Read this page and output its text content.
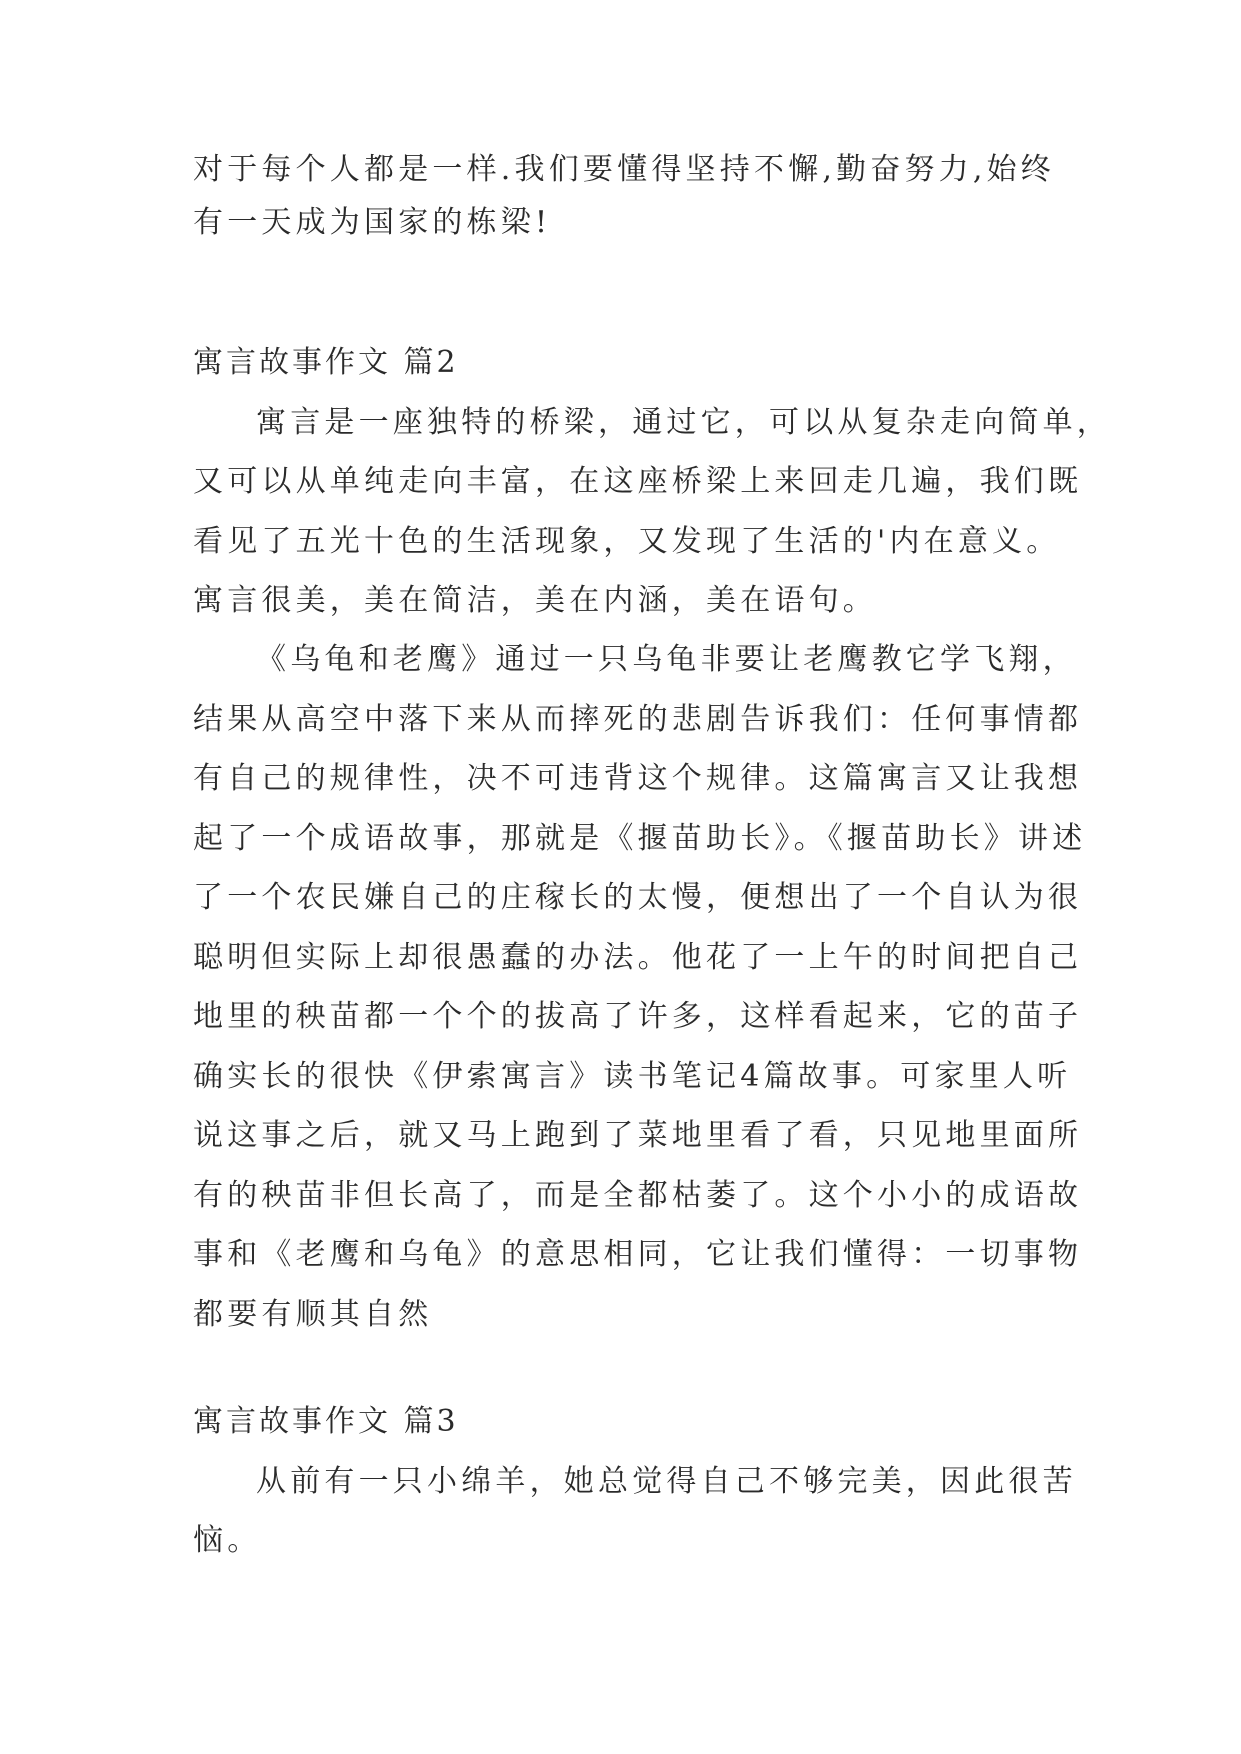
对于每个人都是一样.我们要懂得坚持不懈,勤奋努力,始终
有一天成为国家的栋梁!
寓言故事作文 篇2
寓言是一座独特的桥梁，通过它，可以从复杂走向简单，
又可以从单纯走向丰富，在这座桥梁上来回走几遍，我们既
看见了五光十色的生活现象，又发现了生活的'内在意义。
寓言很美，美在简洁，美在内涵，美在语句。
《乌龟和老鹰》通过一只乌龟非要让老鹰教它学飞翔，
结果从高空中落下来从而摔死的悲剧告诉我们：任何事情都
有自己的规律性，决不可违背这个规律。这篇寓言又让我想
起了一个成语故事，那就是《揠苗助长》。《揠苗助长》讲述
了一个农民嫌自己的庄稼长的太慢，便想出了一个自认为很
聪明但实际上却很愚蠢的办法。他花了一上午的时间把自己
地里的秧苗都一个个的拔高了许多，这样看起来，它的苗子
确实长的很快《伊索寓言》读书笔记4篇故事。可家里人听
说这事之后，就又马上跑到了菜地里看了看，只见地里面所
有的秧苗非但长高了，而是全都枯萎了。这个小小的成语故
事和《老鹰和乌龟》的意思相同，它让我们懂得：一切事物
都要有顺其自然
寓言故事作文 篇3
从前有一只小绵羊，她总觉得自己不够完美，因此很苦
恼。
